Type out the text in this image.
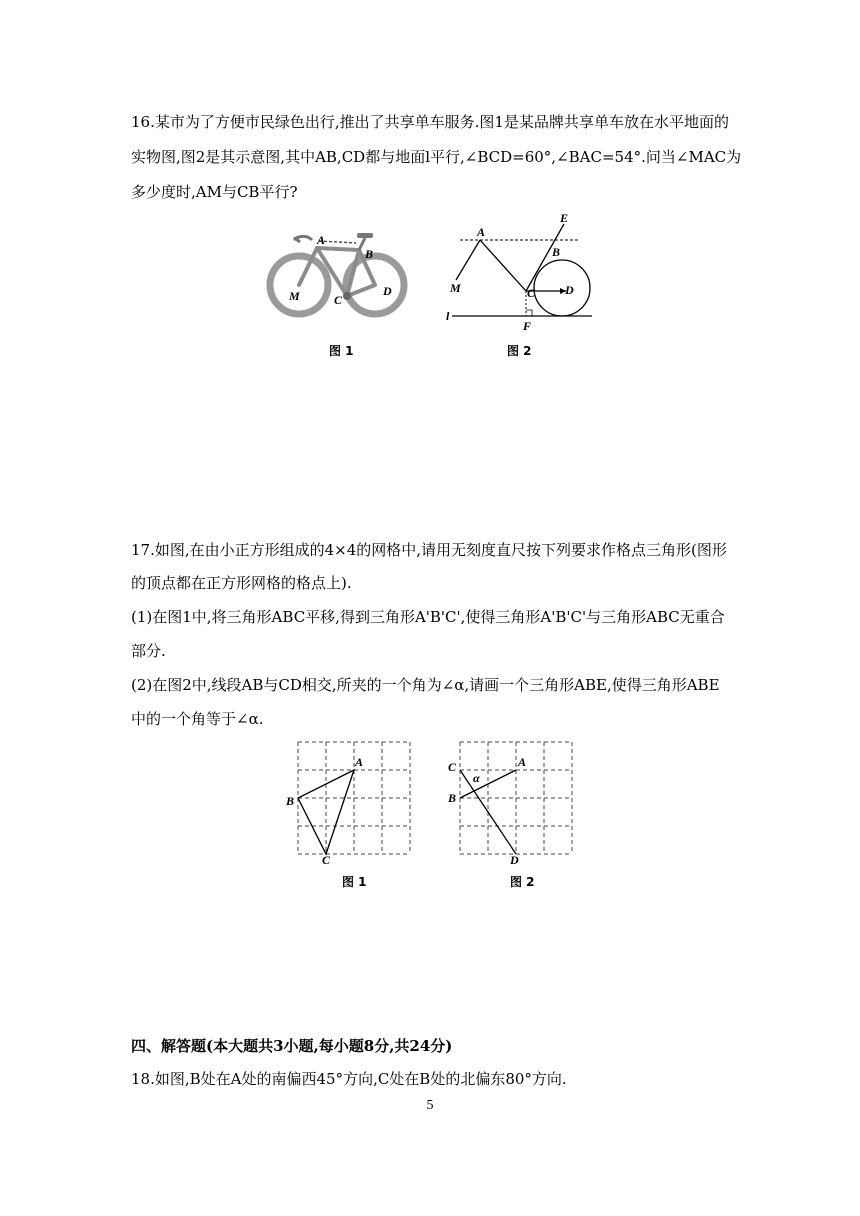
16.某市为了方便市民绿色出行,推出了共享单车服务.图1是某品牌共享单车放在水平地面的
实物图,图2是其示意图,其中AB,CD都与地面l平行,∠BCD=60°,∠BAC=54°.问当∠MAC为
多少度时,AM与CB平行?
A
B
C
D
M
图 1
A
B
C D
E
F
M
l
图 2
17.如图,在由小正方形组成的4×4的网格中,请用无刻度直尺按下列要求作格点三角形(图形
的顶点都在正方形网格的格点上).
(1)在图1中,将三角形ABC平移,得到三角形A'B'C',使得三角形A'B'C'与三角形ABC无重合
部分.
(2)在图2中,线段AB与CD相交,所夹的一个角为∠α,请画一个三角形ABE,使得三角形ABE
中的一个角等于∠α.
A
B
C
图 1
A
B
C
D
α
图 2
四、解答题(本大题共3小题,每小题8分,共24分)
18.如图,B处在A处的南偏西45°方向,C处在B处的北偏东80°方向.
5
